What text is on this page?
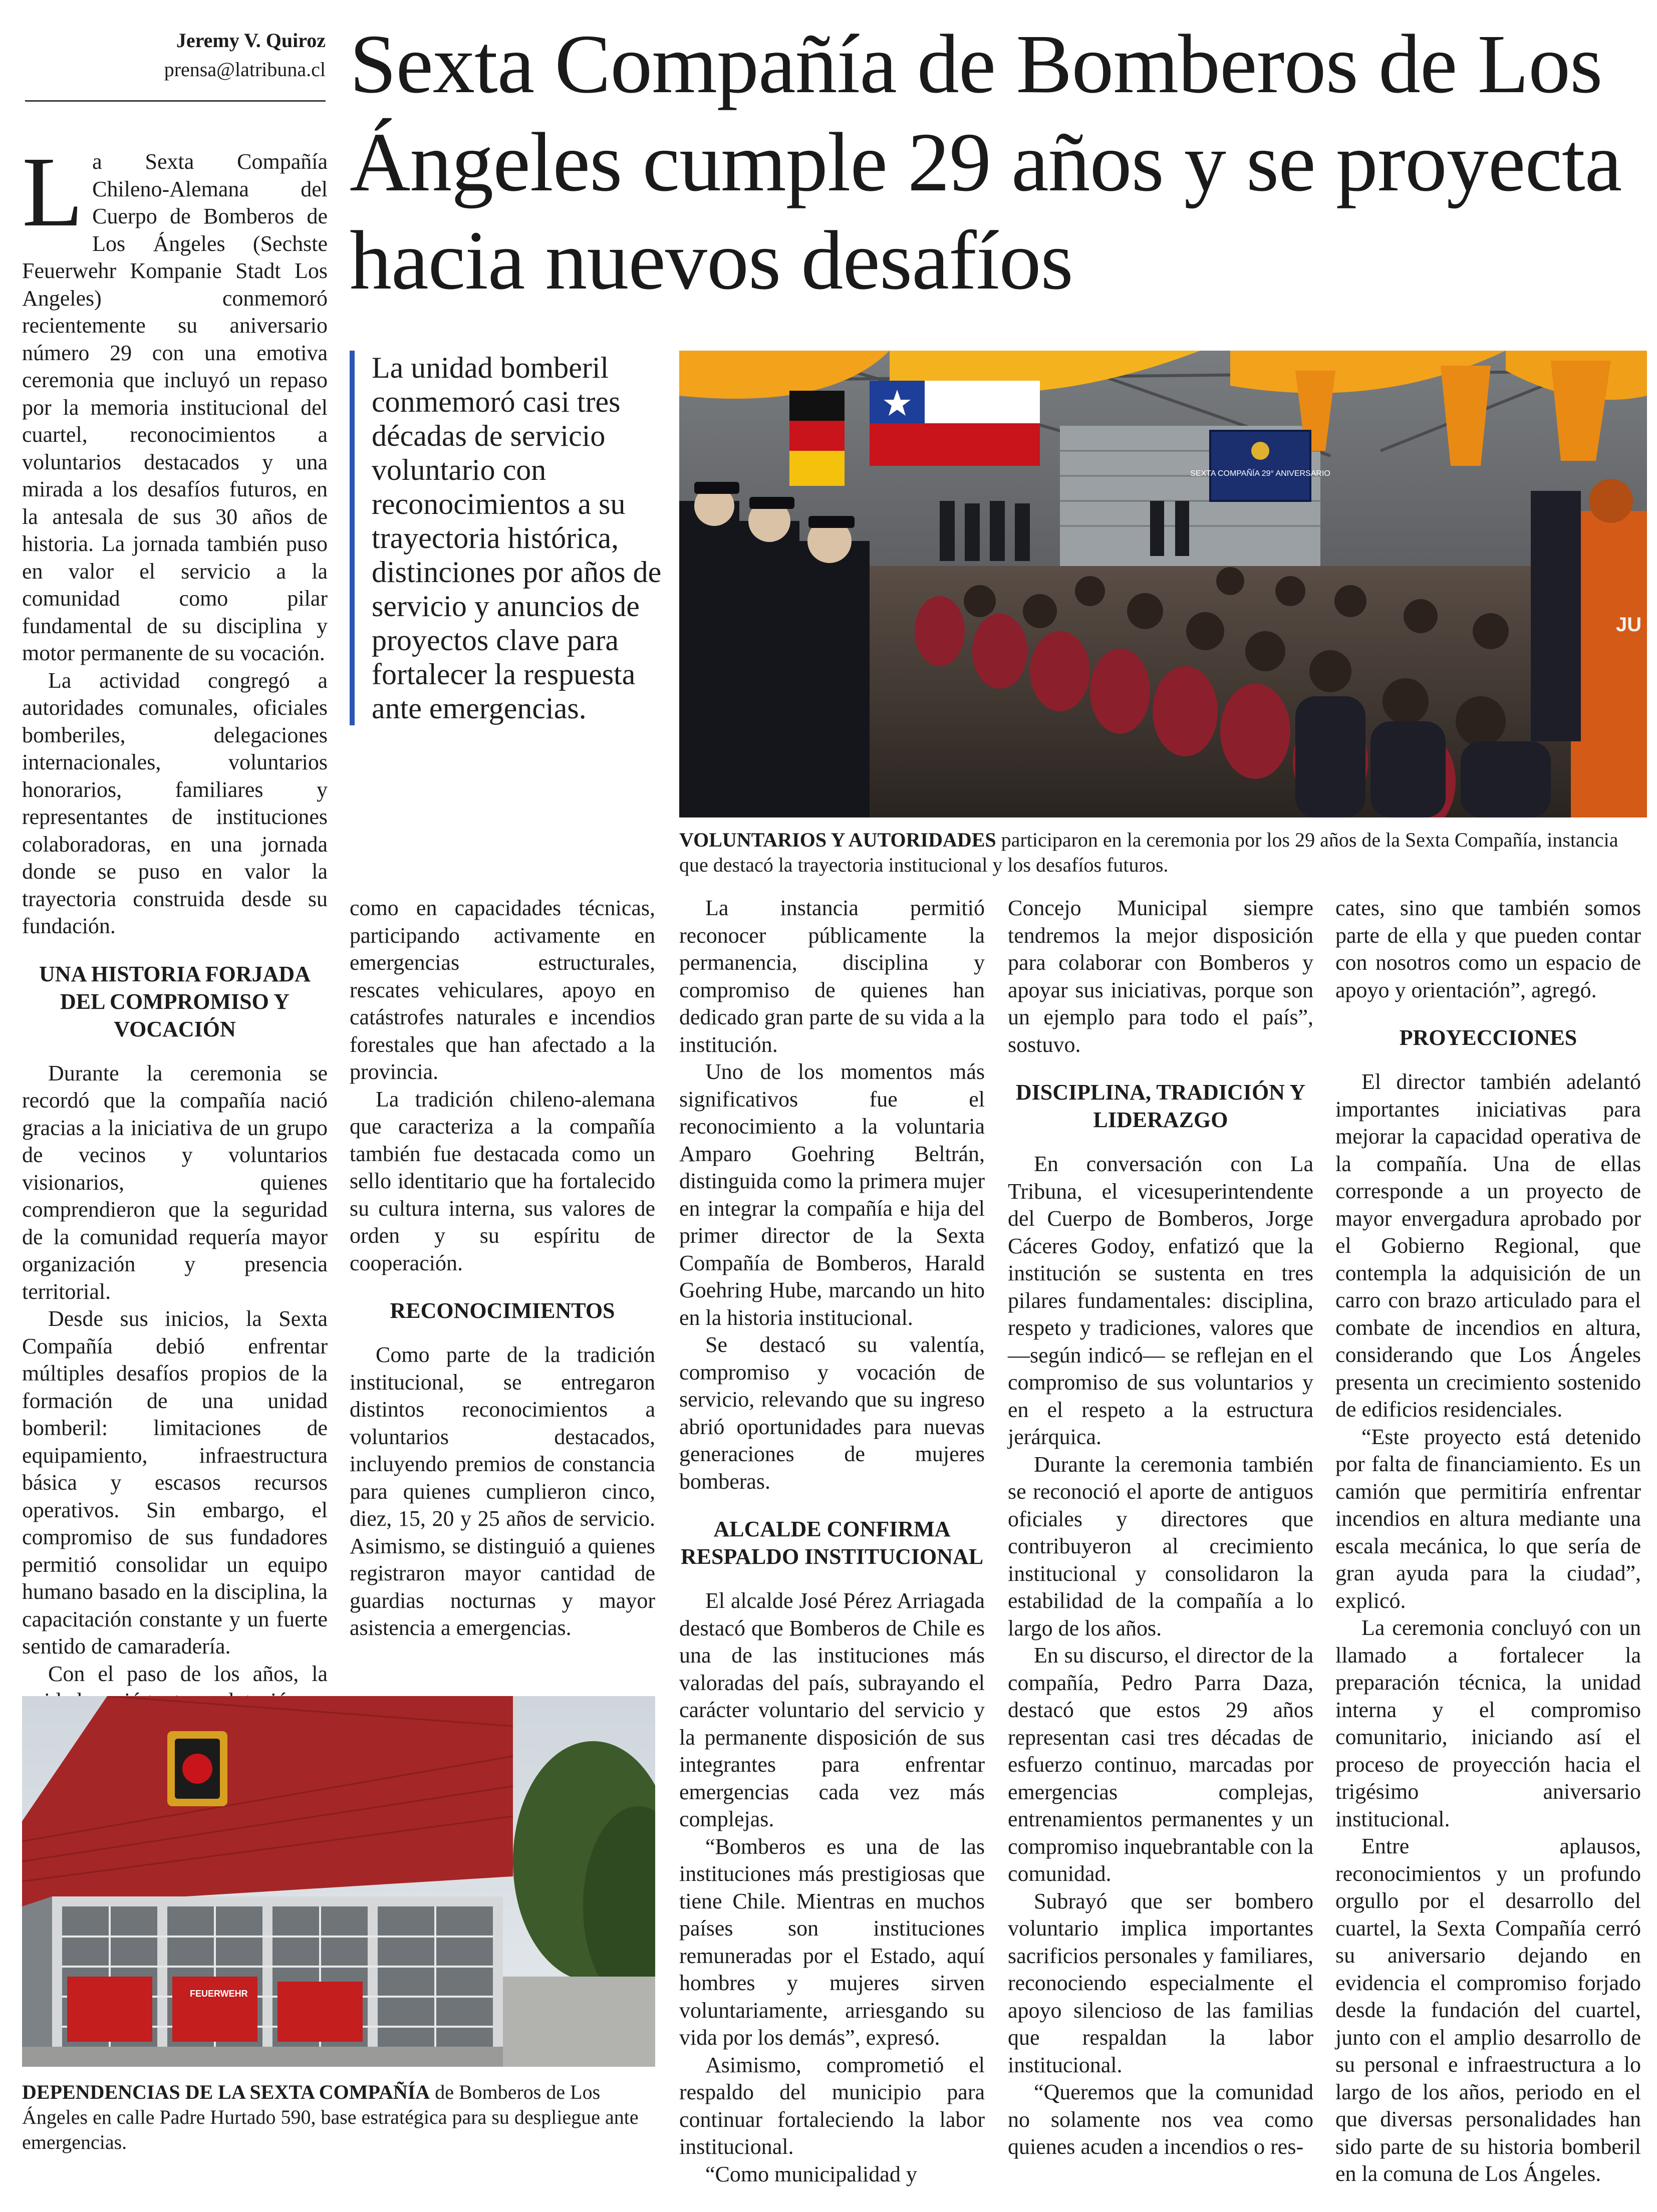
Jeremy V. Quiroz
prensa@latribuna.cl Sexta Compañía de Bomberos de Los Ángeles cumple 29 años y se proyecta hacia nuevos desafíos
La unidad bomberil conmemoró casi tres décadas de servicio voluntario con reconocimientos a su trayectoria histórica, distinciones por años de servicio y anuncios de proyectos clave para fortalecer la respuesta ante emergencias.
SEXTA COMPAÑÍA 29° ANIVERSARIO
JU
VOLUNTARIOS Y AUTORIDADES participaron en la ceremonia por los 29 años de la Sexta Compañía, instancia que destacó la trayectoria institucional y los desafíos futuros.

La Sexta Compañía Chileno-Alemana del Cuerpo de Bomberos de Los Ángeles (Sechste Feuerwehr Kompanie Stadt Los Angeles) conmemoró recientemente su aniversario número 29 con una emotiva ceremonia que incluyó un repaso por la memoria institucional del cuartel, reconocimientos a voluntarios destacados y una mirada a los desafíos futuros, en la antesala de sus 30 años de historia. La jornada también puso en valor el servicio a la comunidad como pilar fundamental de su disciplina y motor permanente de su vocación.

La actividad congregó a autoridades comunales, oficiales bomberiles, delegaciones internacionales, voluntarios honorarios, familiares y representantes de instituciones colaboradoras, en una jornada donde se puso en valor la trayectoria construida desde su fundación.

UNA HISTORIA FORJADA DEL COMPROMISO Y VOCACIÓN

Durante la ceremonia se recordó que la compañía nació gracias a la iniciativa de un grupo de vecinos y voluntarios visionarios, quienes comprendieron que la seguridad de la comunidad requería mayor organización y presencia territorial.

Desde sus inicios, la Sexta Compañía debió enfrentar múltiples desafíos propios de la formación de una unidad bomberil: limitaciones de equipamiento, infraestructura básica y escasos recursos operativos. Sin embargo, el compromiso de sus fundadores permitió consolidar un equipo humano basado en la disciplina, la capacitación constante y un fuerte sentido de camaradería.

Con el paso de los años, la

como en capacidades técnicas, participando activamente en emergencias estructurales, rescates vehiculares, apoyo en catástrofes naturales e incendios forestales que han afectado a la provincia.

La tradición chileno-alemana que caracteriza a la compañía también fue destacada como un sello identitario que ha fortalecido su cultura interna, sus valores de orden y su espíritu de cooperación.

RECONOCIMIENTOS

Como parte de la tradición institucional, se entregaron distintos reconocimientos a voluntarios destacados, incluyendo premios de constancia para quienes cumplieron cinco, diez, 15, 20 y 25 años de servicio. Asimismo, se distinguió a quienes registraron mayor cantidad de guardias nocturnas y mayor asistencia a emergencias.

La instancia permitió reconocer públicamente la permanencia, disciplina y compromiso de quienes han dedicado gran parte de su vida a la institución.

Uno de los momentos más significativos fue el reconocimiento a la voluntaria Amparo Goehring Beltrán, distinguida como la primera mujer en integrar la compañía e hija del primer director de la Sexta Compañía de Bomberos, Harald Goehring Hube, marcando un hito en la historia institucional.

Se destacó su valentía, compromiso y vocación de servicio, relevando que su ingreso abrió oportunidades para nuevas generaciones de mujeres bomberas.

ALCALDE CONFIRMA RESPALDO INSTITUCIONAL

El alcalde José Pérez Arriagada destacó que Bomberos de Chile es una de las instituciones más valoradas del país, subrayando el carácter voluntario del servicio y la permanente disposición de sus integrantes para enfrentar emergencias cada vez más complejas.

“Bomberos es una de las instituciones más prestigiosas que tiene Chile. Mientras en muchos países son instituciones remuneradas por el Estado, aquí hombres y mujeres sirven voluntariamente, arriesgando su vida por los demás”, expresó.

Asimismo, comprometió el respaldo del municipio para continuar fortaleciendo la labor institucional.

“Como municipalidad y

Concejo Municipal siempre tendremos la mejor disposición para colaborar con Bomberos y apoyar sus iniciativas, porque son un ejemplo para todo el país”, sostuvo.

DISCIPLINA, TRADICIÓN Y LIDERAZGO

En conversación con La Tribuna, el vicesuperintendente del Cuerpo de Bomberos, Jorge Cáceres Godoy, enfatizó que la institución se sustenta en tres pilares fundamentales: disciplina, respeto y tradiciones, valores que —según indicó— se reflejan en el compromiso de sus voluntarios y en el respeto a la estructura jerárquica.

Durante la ceremonia también se reconoció el aporte de antiguos oficiales y directores que contribuyeron al crecimiento institucional y consolidaron la estabilidad de la compañía a lo largo de los años.

En su discurso, el director de la compañía, Pedro Parra Daza, destacó que estos 29 años representan casi tres décadas de esfuerzo continuo, marcadas por emergencias complejas, entrenamientos permanentes y un compromiso inquebrantable con la comunidad.

Subrayó que ser bombero voluntario implica importantes sacrificios personales y familiares, reconociendo especialmente el apoyo silencioso de las familias que respaldan la labor institucional.

“Queremos que la comunidad no solamente nos vea como quienes acuden a incendios o res-

cates, sino que también somos parte de ella y que pueden contar con nosotros como un espacio de apoyo y orientación”, agregó.

PROYECCIONES

El director también adelantó importantes iniciativas para mejorar la capacidad operativa de la compañía. Una de ellas corresponde a un proyecto de mayor envergadura aprobado por el Gobierno Regional, que contempla la adquisición de un carro con brazo articulado para el combate de incendios en altura, considerando que Los Ángeles presenta un crecimiento sostenido de edificios residenciales.

“Este proyecto está detenido por falta de financiamiento. Es un camión que permitiría enfrentar incendios en altura mediante una escala mecánica, lo que sería de gran ayuda para la ciudad”, explicó.

La ceremonia concluyó con un llamado a fortalecer la preparación técnica, la unidad interna y el compromiso comunitario, iniciando así el proceso de proyección hacia el trigésimo aniversario institucional.

Entre aplausos, reconocimientos y un profundo orgullo por el desarrollo del cuartel, la Sexta Compañía cerró su aniversario dejando en evidencia el compromiso forjado desde la fundación del cuartel, junto con el amplio desarrollo de su personal e infraestructura a lo largo de los años, periodo en el que diversas personalidades han sido parte de su historia bomberil en la comuna de Los Ángeles.

FEUERWEHR
DEPENDENCIAS DE LA SEXTA COMPAÑÍA de Bomberos de Los Ángeles en calle Padre Hurtado 590, base estratégica para su despliegue ante emergencias.
